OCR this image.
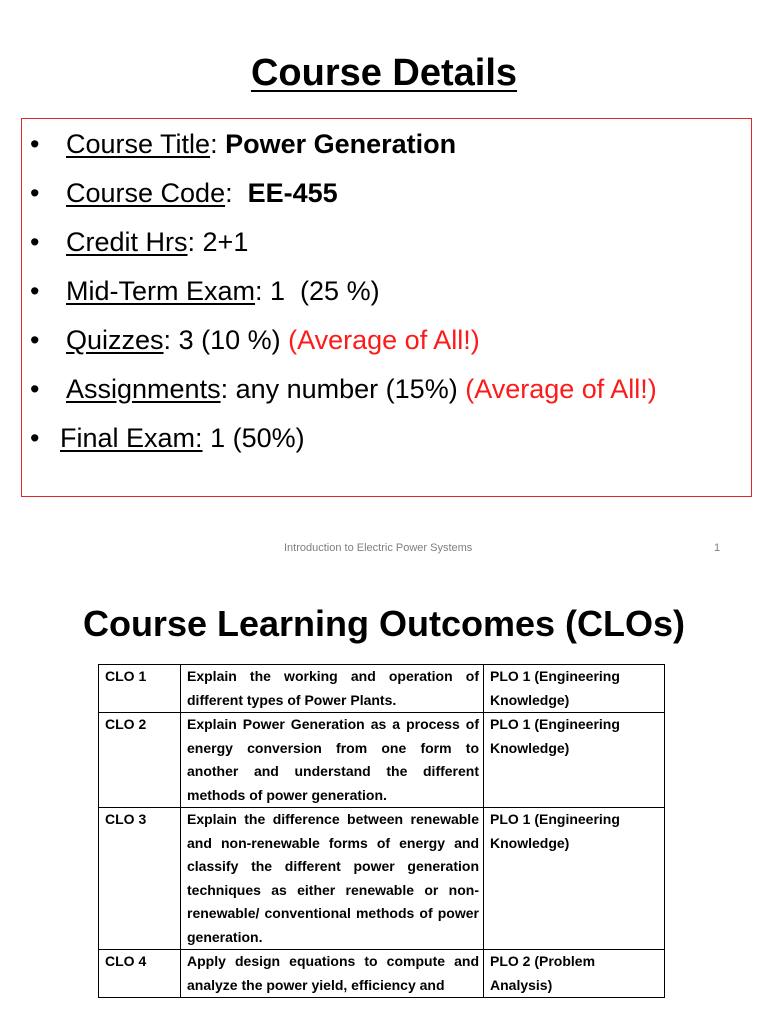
Course Details
• Course Title: Power Generation
• Course Code:  EE-455
• Credit Hrs: 2+1
• Mid-Term Exam: 1  (25 %)
• Quizzes: 3 (10 %) (Average of All!)
• Assignments: any number (15%) (Average of All!)
• Final Exam: 1 (50%)
Introduction to Electric Power Systems	1
Course Learning Outcomes (CLOs)
CLO 1	Explain the working and operation of different types of Power Plants.	PLO 1 (Engineering Knowledge)
CLO 2	Explain Power Generation as a process of energy conversion from one form to another and understand the different methods of power generation.	PLO 1 (Engineering Knowledge)
CLO 3	Explain the difference between renewable and non-renewable forms of energy and classify the different power generation techniques as either renewable or non-renewable/ conventional methods of power generation.	PLO 1 (Engineering Knowledge)
CLO 4	Apply design equations to compute and analyze the power yield, efficiency and	PLO 2 (Problem Analysis)
